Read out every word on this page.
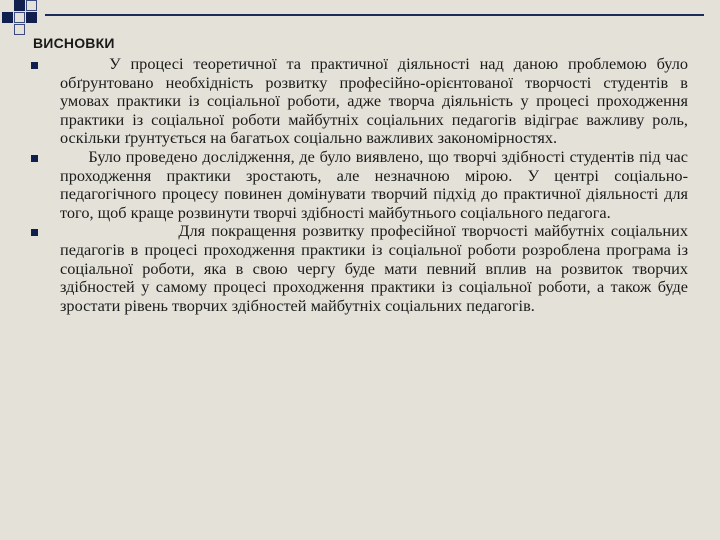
ВИСНОВКИ

У процесі теоретичної та практичної діяльності над даною проблемою було обґрунтовано необхідність розвитку професійно-орієнтованої творчості студентів в умовах практики із соціальної роботи, адже творча діяльність у процесі проходження практики із соціальної роботи майбутніх соціальних педагогів відіграє важливу роль, оскільки ґрунтується на багатьох соціально важливих закономірностях.

Було проведено дослідження, де було виявлено, що творчі здібності студентів під час проходження практики зростають, але незначною мірою. У центрі соціально-педагогічного процесу повинен домінувати творчий підхід до практичної діяльності для того, щоб краще розвинути творчі здібності майбутнього соціального педагога.

Для покращення розвитку професійної творчості майбутніх соціальних педагогів в процесі проходження практики із соціальної роботи розроблена програма із соціальної роботи, яка в свою чергу буде мати певний вплив на розвиток творчих здібностей у самому процесі проходження практики із соціальної роботи, а також буде зростати рівень творчих здібностей майбутніх соціальних педагогів.
